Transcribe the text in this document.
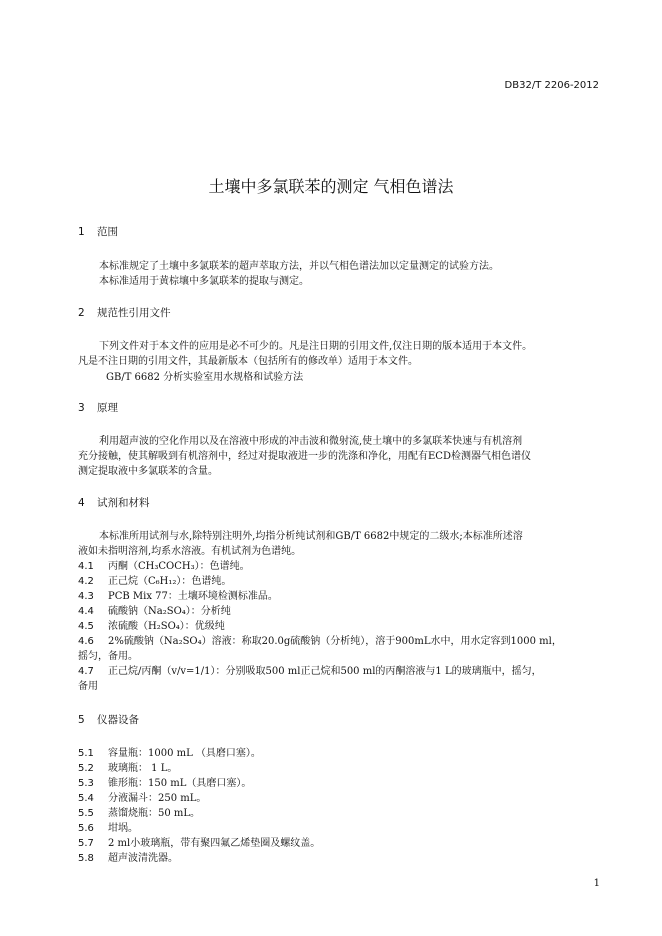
DB32/T 2206-2012
土壤中多氯联苯的测定 气相色谱法
1 范围
本标准规定了土壤中多氯联苯的超声萃取方法，并以气相色谱法加以定量测定的试验方法。
本标准适用于黄棕壤中多氯联苯的提取与测定。
2 规范性引用文件
下列文件对于本文件的应用是必不可少的。凡是注日期的引用文件,仅注日期的版本适用于本文件。
凡是不注日期的引用文件，其最新版本（包括所有的修改单）适用于本文件。
GB/T 6682 分析实验室用水规格和试验方法
3 原理
利用超声波的空化作用以及在溶液中形成的冲击波和微射流,使土壤中的多氯联苯快速与有机溶剂
充分接触，使其解吸到有机溶剂中，经过对提取液进一步的洗涤和净化，用配有ECD检测器气相色谱仪
测定提取液中多氯联苯的含量。
4 试剂和材料
本标准所用试剂与水,除特别注明外,均指分析纯试剂和GB/T 6682中规定的二级水;本标准所述溶
液如未指明溶剂,均系水溶液。有机试剂为色谱纯。
4.1 丙酮（CH₃COCH₃）：色谱纯。
4.2 正己烷（C₆H₁₂）：色谱纯。
4.3 PCB Mix 77：土壤环境检测标准品。
4.4 硫酸钠（Na₂SO₄）：分析纯
4.5 浓硫酸（H₂SO₄）：优级纯
4.6 2%硫酸钠（Na₂SO₄）溶液：称取20.0g硫酸钠（分析纯），溶于900mL水中，用水定容到1000 ml，
摇匀，备用。
4.7 正己烷/丙酮（v/v=1/1）：分别吸取500 ml正己烷和500 ml的丙酮溶液与1 L的玻璃瓶中，摇匀，
备用
5 仪器设备
5.1 容量瓶：1000 mL （具磨口塞）。
5.2 玻璃瓶： 1 L。
5.3 锥形瓶：150 mL（具磨口塞）。
5.4 分液漏斗：250 mL。
5.5 蒸馏烧瓶：50 mL。
5.6 坩埚。
5.7 2 ml小玻璃瓶，带有聚四氟乙烯垫圈及螺纹盖。
5.8 超声波清洗器。
1
